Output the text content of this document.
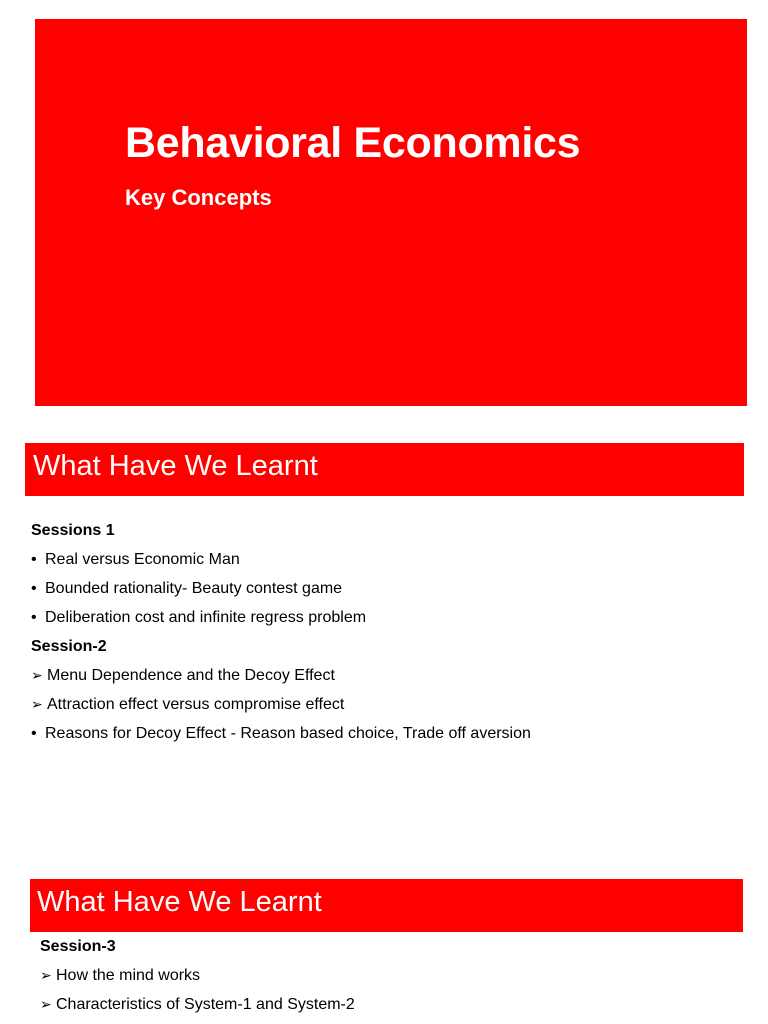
Behavioral Economics
Key Concepts
What Have We Learnt
Sessions 1
• Real versus Economic Man
• Bounded rationality- Beauty contest game
• Deliberation cost and infinite regress problem
Session-2
➢ Menu Dependence and the Decoy Effect
➢ Attraction effect versus compromise effect
• Reasons for Decoy Effect - Reason based choice, Trade off aversion
What Have We Learnt
Session-3
➢ How the mind works
➢ Characteristics of System-1 and System-2
